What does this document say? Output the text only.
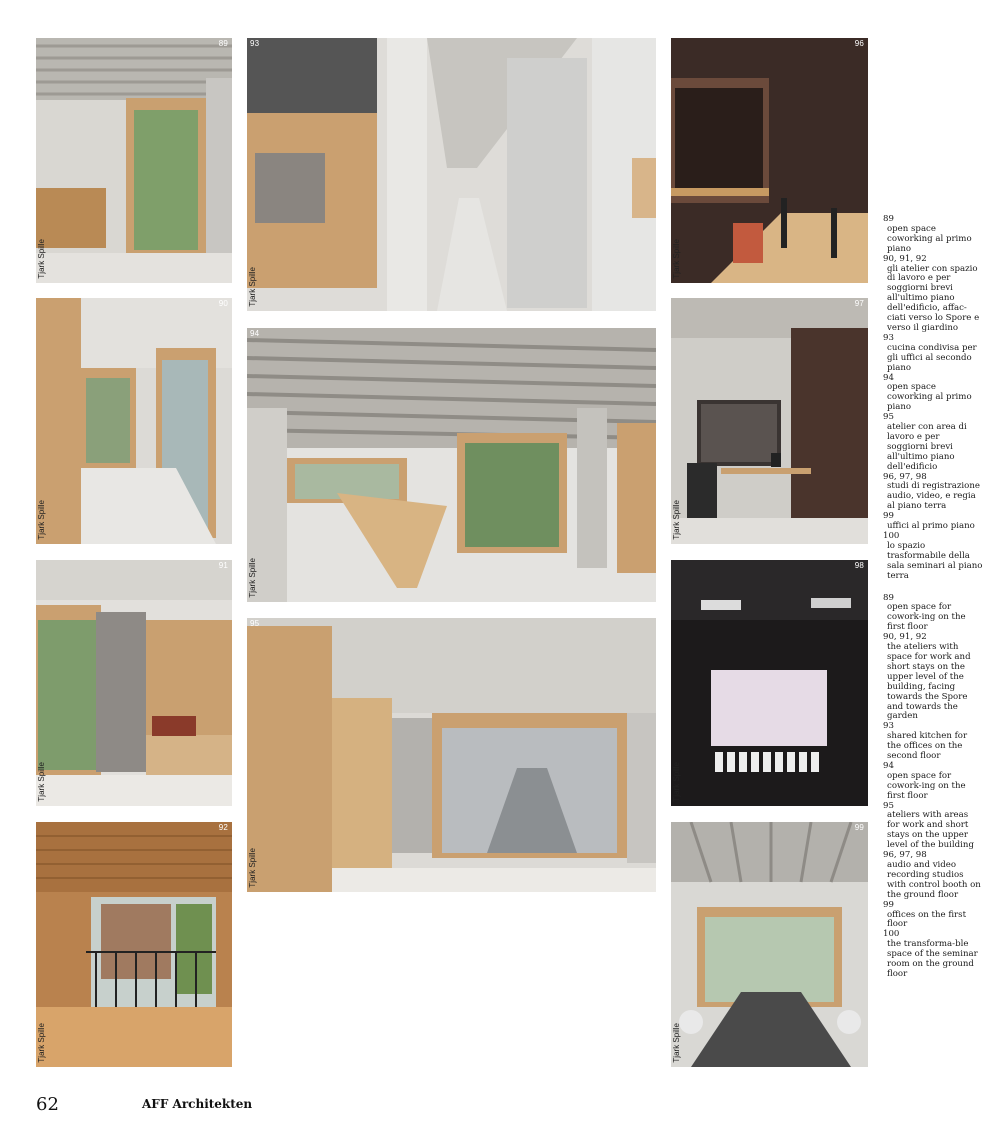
89
Tjark Spille
93
Tjark Spille
96
Tjark Spille
90
Tjark Spille
94
Tjark Spille
97
Tjark Spille
91
Tjark Spille
98
Tjark Spille
95
Tjark Spille
92
Tjark Spille
99
Tjark Spille
89
open space coworking al primo piano
90, 91, 92
gli atelier con spazio di lavoro e per soggiorni brevi all'ultimo piano dell'edificio, affac-ciati verso lo Spore e verso il giardino
93
cucina condivisa per gli uffici al secondo piano
94
open space coworking al primo piano
95
atelier con area di lavoro e per soggiorni brevi all'ultimo piano dell'edificio
96, 97, 98
studi di registrazione audio, video, e regia al piano terra
99
uffici al primo piano
100
lo spazio trasformabile della sala seminari al piano terra
89
open space for cowork-ing on the first floor
90, 91, 92
the ateliers with space for work and short stays on the upper level of the building, facing towards the Spore and towards the garden
93
shared kitchen for the offices on the second floor
94
open space for cowork-ing on the first floor
95
ateliers with areas for work and short stays on the upper level of the building
96, 97, 98
audio and video recording studios with control booth on the ground floor
99
offices on the first floor
100
the transforma-ble space of the seminar room on the ground floor
62	AFF Architekten
